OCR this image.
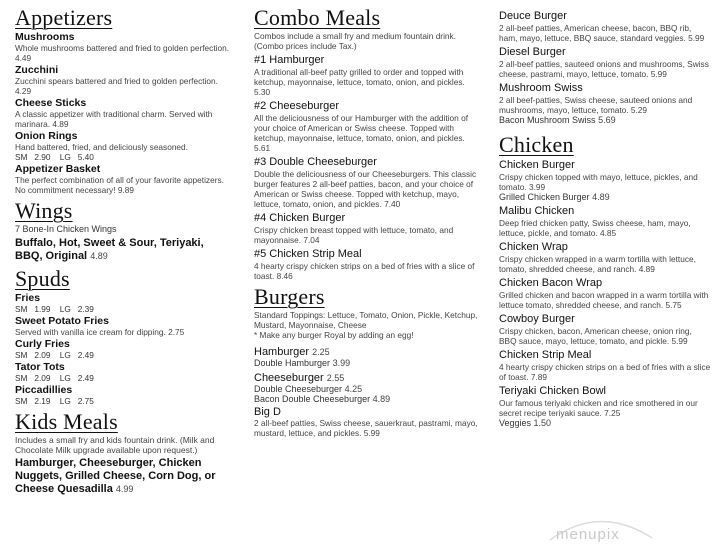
Appetizers
Mushrooms
Whole mushrooms battered and fried to golden perfection. 4.49
Zucchini
Zucchini spears battered and fried to golden perfection. 4.29
Cheese Sticks
A classic appetizer with traditional charm. Served with marinara. 4.89
Onion Rings
Hand battered, fried, and deliciously seasoned.
SM   2.90    LG   5.40
Appetizer Basket
The perfect combination of all of your favorite appetizers. No commitment necessary! 9.89
Wings
7 Bone-In Chicken Wings
Buffalo, Hot, Sweet & Sour, Teriyaki, BBQ, Original 4.89
Spuds
Fries
SM   1.99    LG   2.39
Sweet Potato Fries
Served with vanilla ice cream for dipping. 2.75
Curly Fries
SM   2.09    LG   2.49
Tator Tots
SM   2.09    LG   2.49
Piccadillies
SM   2.19    LG   2.75
Kids Meals
Includes a small fry and kids fountain drink. (Milk and Chocolate Milk upgrade available upon request.)
Hamburger, Cheeseburger, Chicken Nuggets, Grilled Cheese, Corn Dog, or Cheese Quesadilla 4.99
Combo Meals
Combos include a small fry and medium fountain drink. (Combo prices include Tax.)
#1 Hamburger
A traditional all-beef patty grilled to order and topped with ketchup, mayonnaise, lettuce, tomato, onion, and pickles. 5.30
#2 Cheeseburger
All the deliciousness of our Hamburger with the addition of your choice of American or Swiss cheese. Topped with ketchup, mayonnaise, lettuce, tomato, onion, and pickles. 5.61
#3 Double Cheeseburger
Double the deliciousness of our Cheeseburgers. This classic burger features 2 all-beef patties, bacon, and your choice of American or Swiss cheese. Topped with ketchup, mayo, lettuce, tomato, onion, and pickles. 7.40
#4 Chicken Burger
Crispy chicken breast topped with lettuce, tomato, and mayonnaise. 7.04
#5 Chicken Strip Meal
4 hearty crispy chicken strips on a bed of fries with a slice of toast. 8.46
Burgers
Standard Toppings: Lettuce, Tomato, Onion, Pickle, Ketchup, Mustard, Mayonnaise, Cheese
* Make any burger Royal by adding an egg!
Hamburger 2.25
Double Hamburger 3.99
Cheeseburger 2.55
Double Cheeseburger 4.25
Bacon Double Cheeseburger 4.89
Big D
2 all-beef patties, Swiss cheese, sauerkraut, pastrami, mayo, mustard, lettuce, and pickles. 5.99
Deuce Burger
2 all-beef patties, American cheese, bacon, BBQ rib, ham, mayo, lettuce, BBQ sauce, standard veggies. 5.99
Diesel Burger
2 all-beef patties, sauteed onions and mushrooms, Swiss cheese, pastrami, mayo, lettuce, tomato. 5.99
Mushroom Swiss
2 all beef-patties, Swiss cheese, sauteed onions and mushrooms, mayo, lettuce, tomato. 5.29
Bacon Mushroom Swiss 5.69
Chicken
Chicken Burger
Crispy chicken topped with mayo, lettuce, pickles, and tomato. 3.99
Grilled Chicken Burger 4.89
Malibu Chicken
Deep fried chicken patty, Swiss cheese, ham, mayo, lettuce, pickle, and tomato. 4.85
Chicken Wrap
Crispy chicken wrapped in a warm tortilla with lettuce, tomato, shredded cheese, and ranch. 4.89
Chicken Bacon Wrap
Grilled chicken and bacon wrapped in a warm tortilla with lettuce tomato, shredded cheese, and ranch. 5.75
Cowboy Burger
Crispy chicken, bacon, American cheese, onion ring, BBQ sauce, mayo, lettuce, tomato, and pickle. 5.99
Chicken Strip Meal
4 hearty crispy chicken strips on a bed of fries with a slice of toast. 7.89
Teriyaki Chicken Bowl
Our famous teriyaki chicken and rice smothered in our secret recipe teriyaki sauce. 7.25
Veggies 1.50
menupix
